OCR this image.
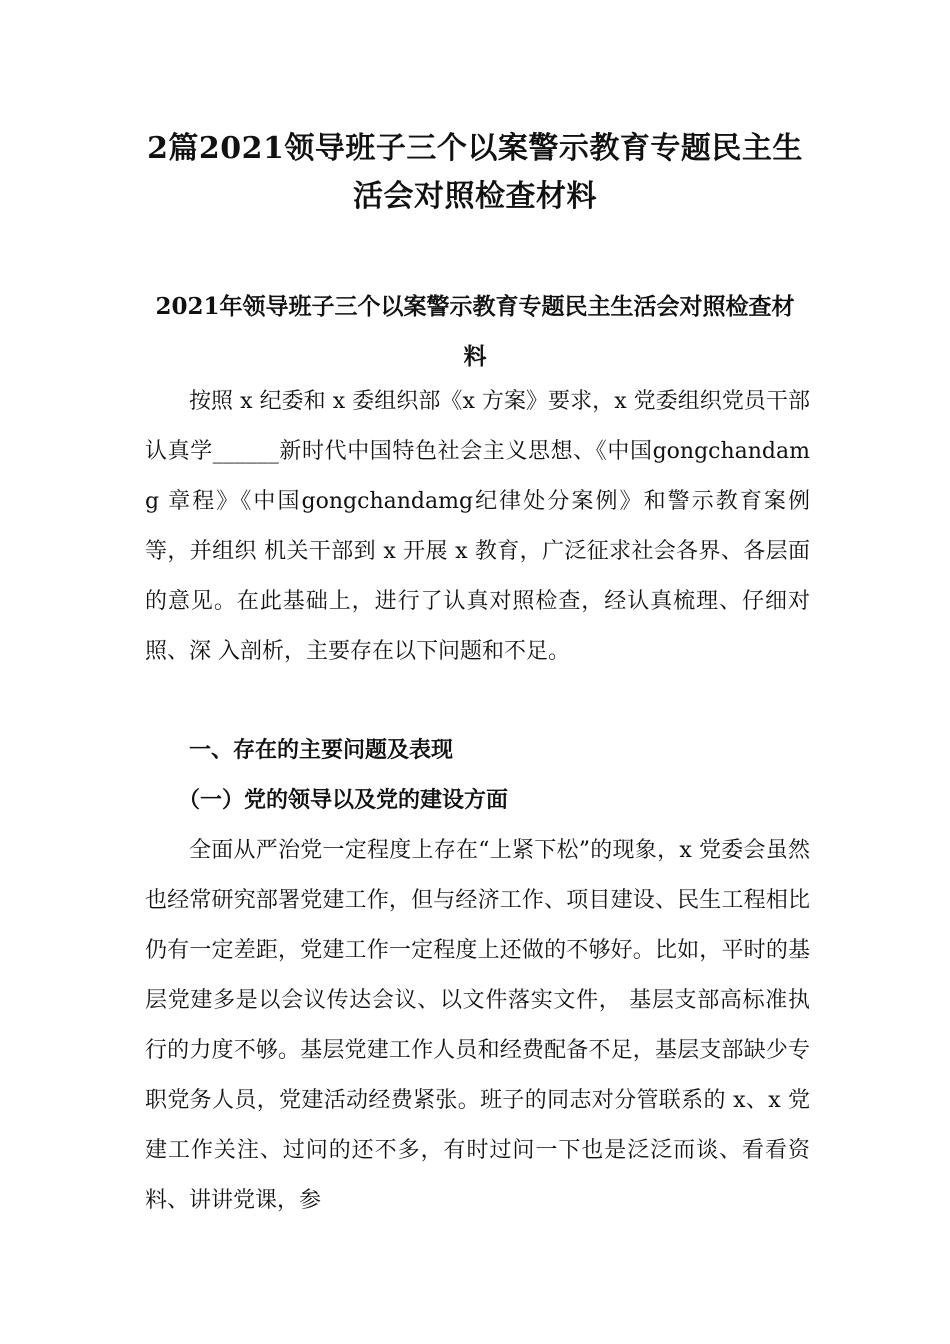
2篇2021领导班子三个以案警示教育专题民主生活会对照检查材料
2021年领导班子三个以案警示教育专题民主生活会对照检查材料
按照 x 纪委和 x 委组织部《x 方案》要求，x 党委组织党员干部认真学______新时代中国特色社会主义思想、《中国gongchandamg 章程》《中国gongchandamg纪律处分案例》和警示教育案例等，并组织 机关干部到 x 开展 x 教育，广泛征求社会各界、各层面的意见。在此基础上，进行了认真对照检查，经认真梳理、仔细对照、深 入剖析，主要存在以下问题和不足。
一、存在的主要问题及表现
（一）党的领导以及党的建设方面
全面从严治党一定程度上存在“上紧下松”的现象，x 党委会虽然也经常研究部署党建工作，但与经济工作、项目建设、民生工程相比仍有一定差距，党建工作一定程度上还做的不够好。比如，平时的基层党建多是以会议传达会议、以文件落实文件， 基层支部高标准执行的力度不够。基层党建工作人员和经费配备不足，基层支部缺少专职党务人员，党建活动经费紧张。班子的同志对分管联系的 x、x 党建工作关注、过问的还不多，有时过问一下也是泛泛而谈、看看资料、讲讲党课，参
